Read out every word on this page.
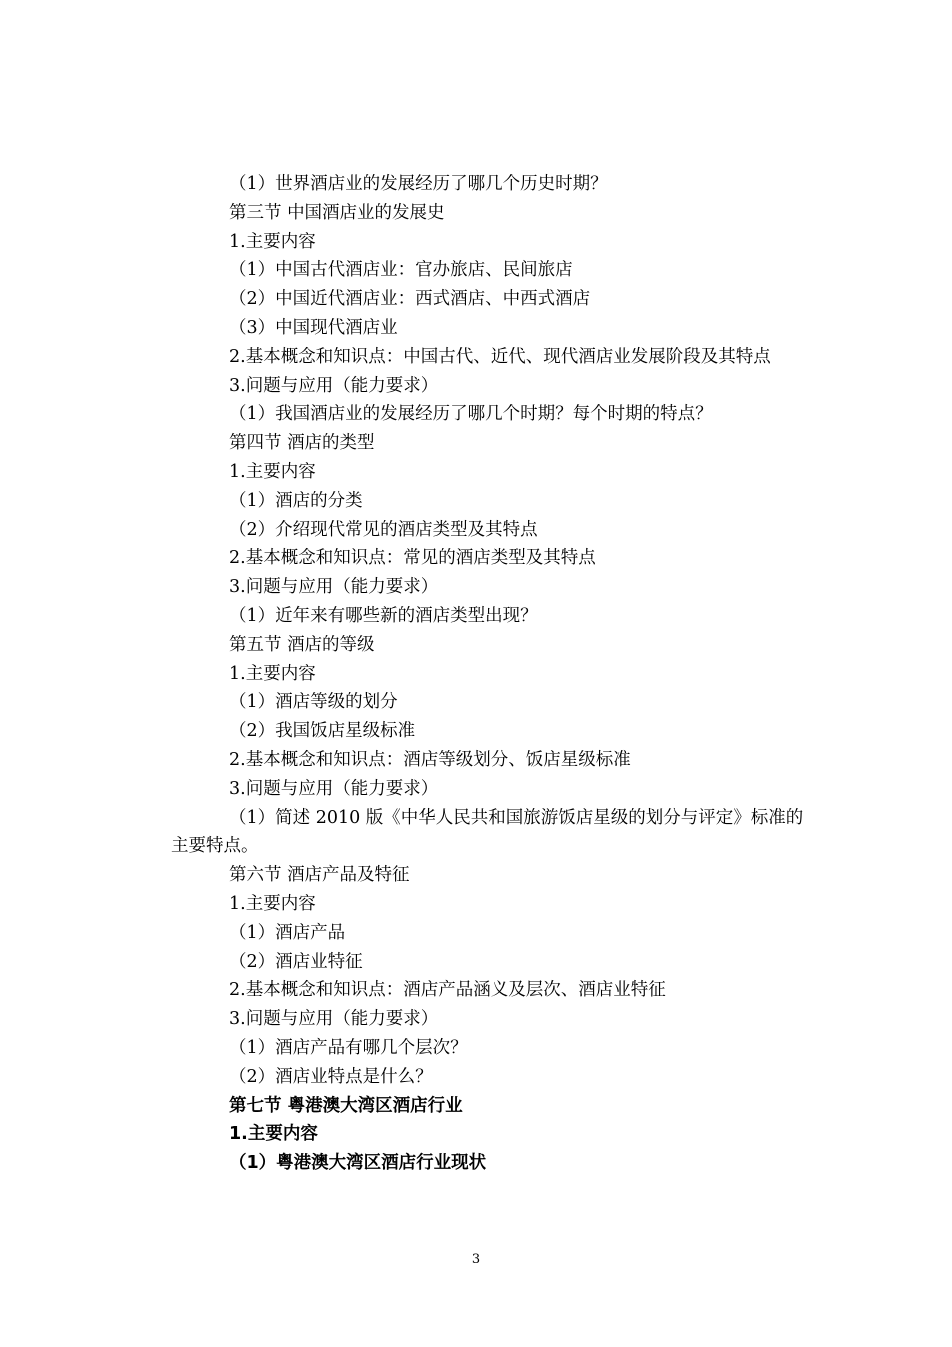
（1）世界酒店业的发展经历了哪几个历史时期？
第三节 中国酒店业的发展史
1.主要内容
（1）中国古代酒店业：官办旅店、民间旅店
（2）中国近代酒店业：西式酒店、中西式酒店
（3）中国现代酒店业
2.基本概念和知识点：中国古代、近代、现代酒店业发展阶段及其特点
3.问题与应用（能力要求）
（1）我国酒店业的发展经历了哪几个时期？每个时期的特点？
第四节 酒店的类型
1.主要内容
（1）酒店的分类
（2）介绍现代常见的酒店类型及其特点
2.基本概念和知识点：常见的酒店类型及其特点
3.问题与应用（能力要求）
（1）近年来有哪些新的酒店类型出现？
第五节 酒店的等级
1.主要内容
（1）酒店等级的划分
（2）我国饭店星级标准
2.基本概念和知识点：酒店等级划分、饭店星级标准
3.问题与应用（能力要求）
（1）简述 2010 版《中华人民共和国旅游饭店星级的划分与评定》标准的
主要特点。
第六节 酒店产品及特征
1.主要内容
（1）酒店产品
（2）酒店业特征
2.基本概念和知识点：酒店产品涵义及层次、酒店业特征
3.问题与应用（能力要求）
（1）酒店产品有哪几个层次？
（2）酒店业特点是什么？
第七节 粤港澳大湾区酒店行业
1.主要内容
（1）粤港澳大湾区酒店行业现状
3
